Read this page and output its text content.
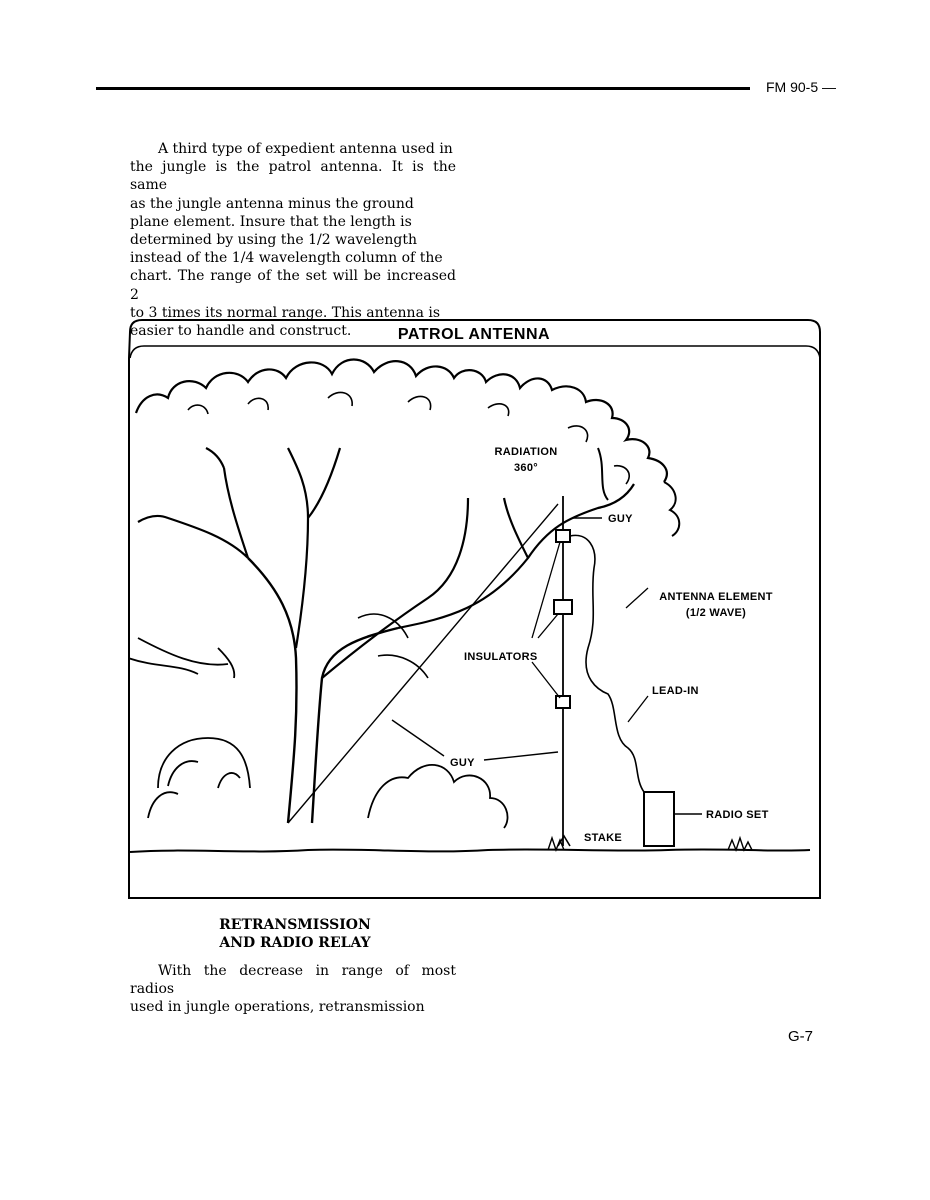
FM 90-5 —
A third type of expedient antenna used in
the jungle is the patrol antenna. It is the same
as the jungle antenna minus the ground
plane element. Insure that the length is
determined by using the 1/2 wavelength
instead of the 1/4 wavelength column of the
chart. The range of the set will be increased 2
to 3 times its normal range. This antenna is
easier to handle and construct.	PATROL ANTENNA
RADIATION
360°
GUY
ANTENNA ELEMENT
(1/2 WAVE)
INSULATORS
LEAD-IN
GUY
RADIO SET
STAKE
RETRANSMISSION
AND RADIO RELAY
With the decrease in range of most radios
used in jungle operations, retransmission
G-7
